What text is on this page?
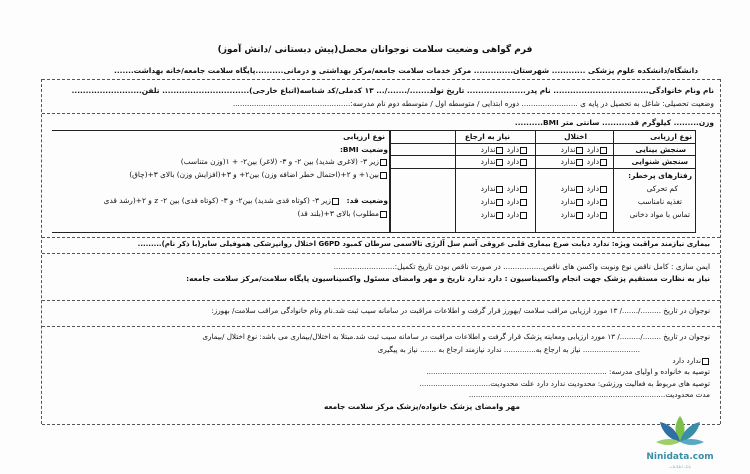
فرم گواهی وضعیت سلامت نوجوانان محصل(پیش دبستانی /دانش آموز)
دانشگاه/دانشکده علوم پزشکی ............ شهرستان.............. مرکز خدمات سلامت جامعه/مرکز بهداشتی و درمانی..........پایگاه سلامت جامعه/خانه بهداشت.......
نام ونام خانوادگی.................................. نام پدر..................... تاریخ تولد......./......./... ۱۳ کدملی/کد شناسه(اتباع خارجی)............................... تلفن.........................
وضعیت تحصیلی: شاغل به تحصیل در پایه ی ........................ دوره ابتدایی / متوسطه اول / متوسطه دوم نام مدرسه:..................................................
وزن......... کیلوگرم قد.......... سانتی متر BMI..........
نوع ارزیابی
اختلال
نیاز به ارجاع
نوع ارزیابی
سنجش بینایی
دارد ندارد
دارد ندارد
سنجش شنوایی
دارد ندارد
دارد ندارد
رفتارهای پرخطر:
کم تحرکی
تغذیه نامناسب
تماس با مواد دخانی
دارد ندارد
دارد ندارد
دارد ندارد
دارد ندارد
دارد ندارد
دارد ندارد
وضعیت BMI:
زیر ۳- (لاغری شدید) بین ۲- و ۳- (لاغر) بین۲- + ۱(وزن متناسب)
بین۱+ و ۲+(احتمال خطر اضافه وزن) بین۲+ و ۳+(افزایش وزن) بالای ۳+(چاق)
وضعیت قد:
زیر ۳- (کوتاه قدی شدید) بین۲- و ۳- (کوتاه قدی) بین ۲- z و ۲+(رشد قدی
مطلوب) بالای ۳+(بلند قد)
بیماری نیازمند مراقبت ویژه: ندارد دیابت صرع بیماری قلبی عروقی آسم سل آلرژی تالاسمی سرطان کمبود G6PD اختلال روانپزشکی هموفیلی سایر(با ذکر نام).........
ایمن سازی : کامل ناقص نوع ونوبت واکسن های ناقص................. در صورت ناقص بودن تاریخ تکمیل:..........................
نیاز به نظارت مستقیم پزشک جهت انجام واکسیناسیون : دارد ندارد تاریخ و مهر وامضای مسئول واکسیناسیون پایگاه سلامت/مرکز سلامت جامعه:
نوجوان در تاریخ ........./......./ ۱۳ مورد ارزیابی مراقب سلامت /بهورز قرار گرفت و اطلاعات مراقبت در سامانه سیب ثبت شد.نام ونام خانوادگی مراقب سلامت/ بهورز:
نوجوان در تاریخ ......../........./ ۱۳ مورد ارزیابی ومعاینه پزشک قرار گرفت و اطلاعات مراقبت در سامانه سیب ثبت شد.مبتلا به اختلال/بیماری می باشد: نوع اختلال /بیماری
......................... نیاز به ارجاع به.............. ندارد نیازمند ارجاع به ....... نیاز به پیگیری
ندارد دارد
توصیه به خانواده و اولیای مدرسه: ...............................................................................
توصیه های مربوط به فعالیت ورزشی: محدودیت ندارد دارد علت محدودیت...............................
مدت محدودیت......................................................................................
مهر وامضای پزشک خانواده/پزشک مرکز سلامت جامعه
Ninidata.com
بانک اطلاعات
